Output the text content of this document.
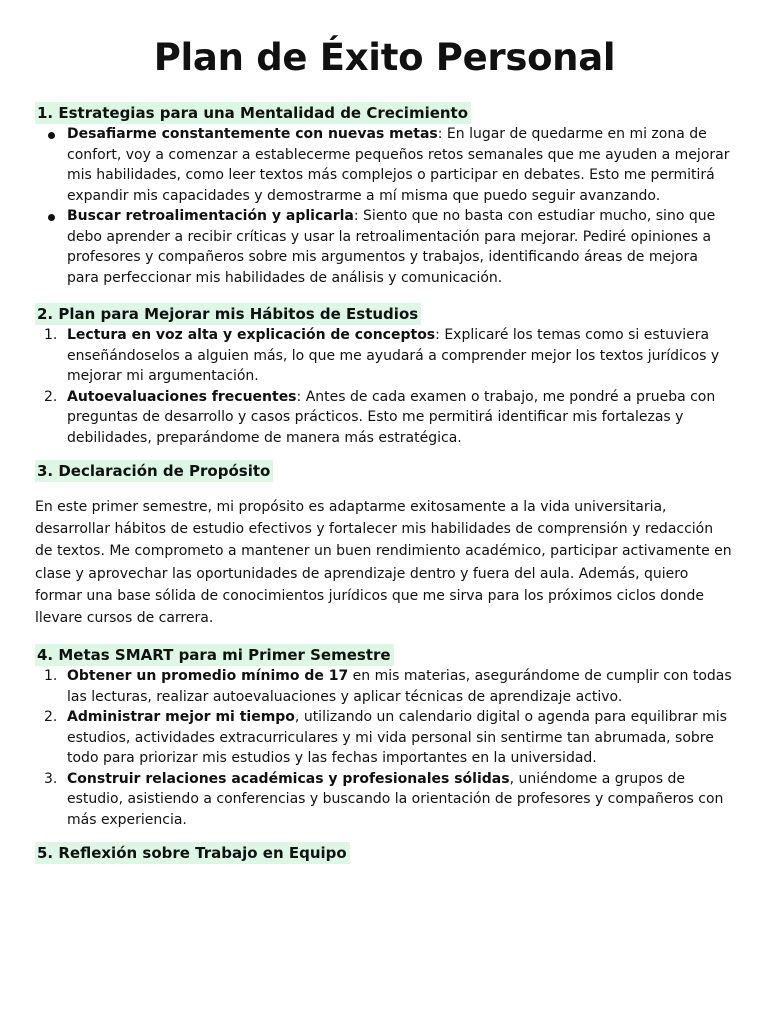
Plan de Éxito Personal
1. Estrategias para una Mentalidad de Crecimiento
Desafiarme constantemente con nuevas metas: En lugar de quedarme en mi zona de confort, voy a comenzar a establecerme pequeños retos semanales que me ayuden a mejorar mis habilidades, como leer textos más complejos o participar en debates. Esto me permitirá expandir mis capacidades y demostrarme a mí misma que puedo seguir avanzando.
Buscar retroalimentación y aplicarla: Siento que no basta con estudiar mucho, sino que debo aprender a recibir críticas y usar la retroalimentación para mejorar. Pediré opiniones a profesores y compañeros sobre mis argumentos y trabajos, identificando áreas de mejora para perfeccionar mis habilidades de análisis y comunicación.
2. Plan para Mejorar mis Hábitos de Estudios
1. Lectura en voz alta y explicación de conceptos: Explicaré los temas como si estuviera enseñándoselos a alguien más, lo que me ayudará a comprender mejor los textos jurídicos y mejorar mi argumentación.
2. Autoevaluaciones frecuentes: Antes de cada examen o trabajo, me pondré a prueba con preguntas de desarrollo y casos prácticos. Esto me permitirá identificar mis fortalezas y debilidades, preparándome de manera más estratégica.
3. Declaración de Propósito

En este primer semestre, mi propósito es adaptarme exitosamente a la vida universitaria, desarrollar hábitos de estudio efectivos y fortalecer mis habilidades de comprensión y redacción de textos. Me comprometo a mantener un buen rendimiento académico, participar activamente en clase y aprovechar las oportunidades de aprendizaje dentro y fuera del aula. Además, quiero formar una base sólida de conocimientos jurídicos que me sirva para los próximos ciclos donde llevare cursos de carrera.

4. Metas SMART para mi Primer Semestre
1. Obtener un promedio mínimo de 17 en mis materias, asegurándome de cumplir con todas las lecturas, realizar autoevaluaciones y aplicar técnicas de aprendizaje activo.
2. Administrar mejor mi tiempo, utilizando un calendario digital o agenda para equilibrar mis estudios, actividades extracurriculares y mi vida personal sin sentirme tan abrumada, sobre todo para priorizar mis estudios y las fechas importantes en la universidad.
3. Construir relaciones académicas y profesionales sólidas, uniéndome a grupos de estudio, asistiendo a conferencias y buscando la orientación de profesores y compañeros con más experiencia.
5. Reflexión sobre Trabajo en Equipo
